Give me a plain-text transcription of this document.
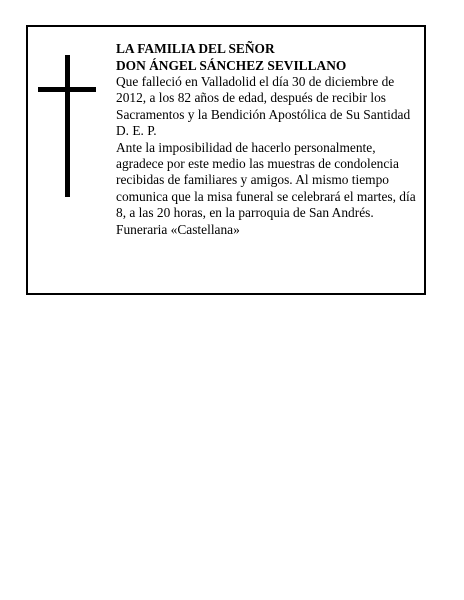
LA FAMILIA DEL SEÑOR

DON ÁNGEL SÁNCHEZ SEVILLANO

Que falleció en Valladolid el día 30 de diciembre de 2012, a los 82 años de edad, después de recibir los Sacramentos y la Bendición Apostólica de Su Santidad D. E. P.

Ante la imposibilidad de hacerlo personalmente, agradece por este medio las muestras de condolencia recibidas de familiares y amigos. Al mismo tiempo comunica que la misa funeral se celebrará el martes, día 8, a las 20 horas, en la parroquia de San Andrés.

Funeraria «Castellana»
